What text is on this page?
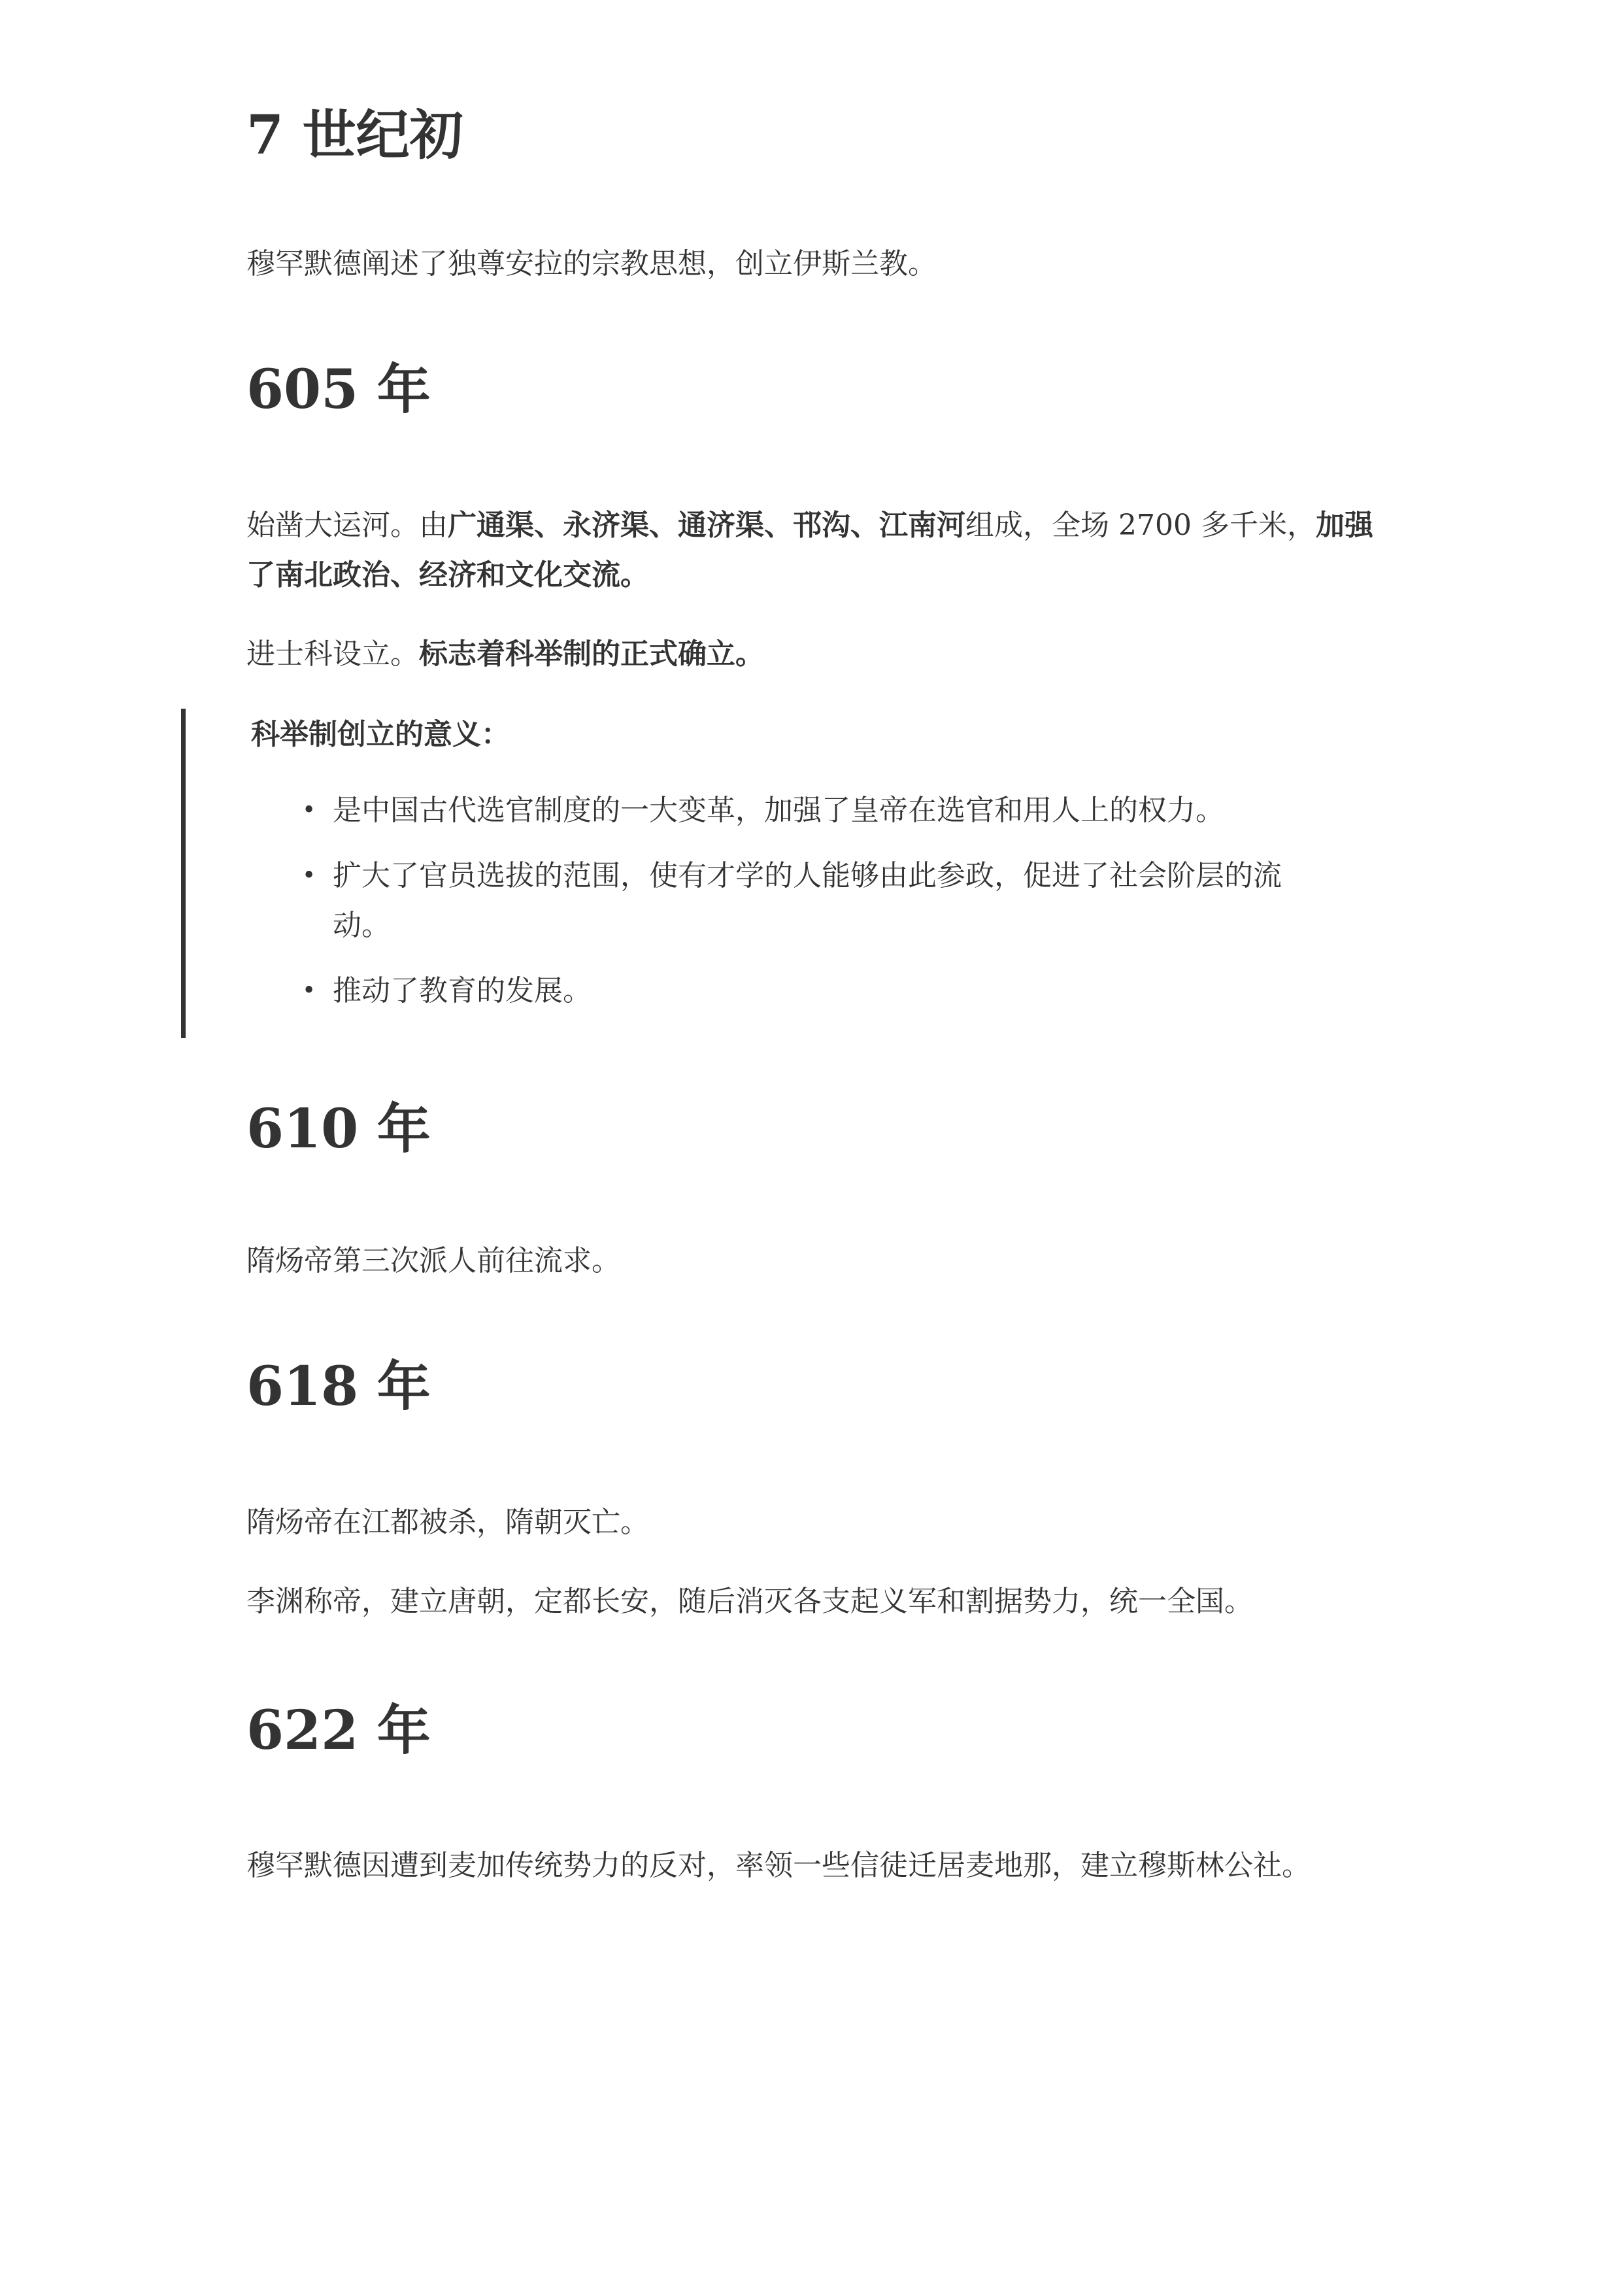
7 世纪初

穆罕默德阐述了独尊安拉的宗教思想，创立伊斯兰教。

605 年

始凿大运河。由广通渠、永济渠、通济渠、邗沟、江南河组成，全场 2700 多千米，加强了南北政治、经济和文化交流。

进士科设立。标志着科举制的正式确立。

科举制创立的意义：
• 是中国古代选官制度的一大变革，加强了皇帝在选官和用人上的权力。
• 扩大了官员选拔的范围，使有才学的人能够由此参政，促进了社会阶层的流动。
• 推动了教育的发展。
610 年

隋炀帝第三次派人前往流求。

618 年

隋炀帝在江都被杀，隋朝灭亡。

李渊称帝，建立唐朝，定都长安，随后消灭各支起义军和割据势力，统一全国。

622 年

穆罕默德因遭到麦加传统势力的反对，率领一些信徒迁居麦地那，建立穆斯林公社。
